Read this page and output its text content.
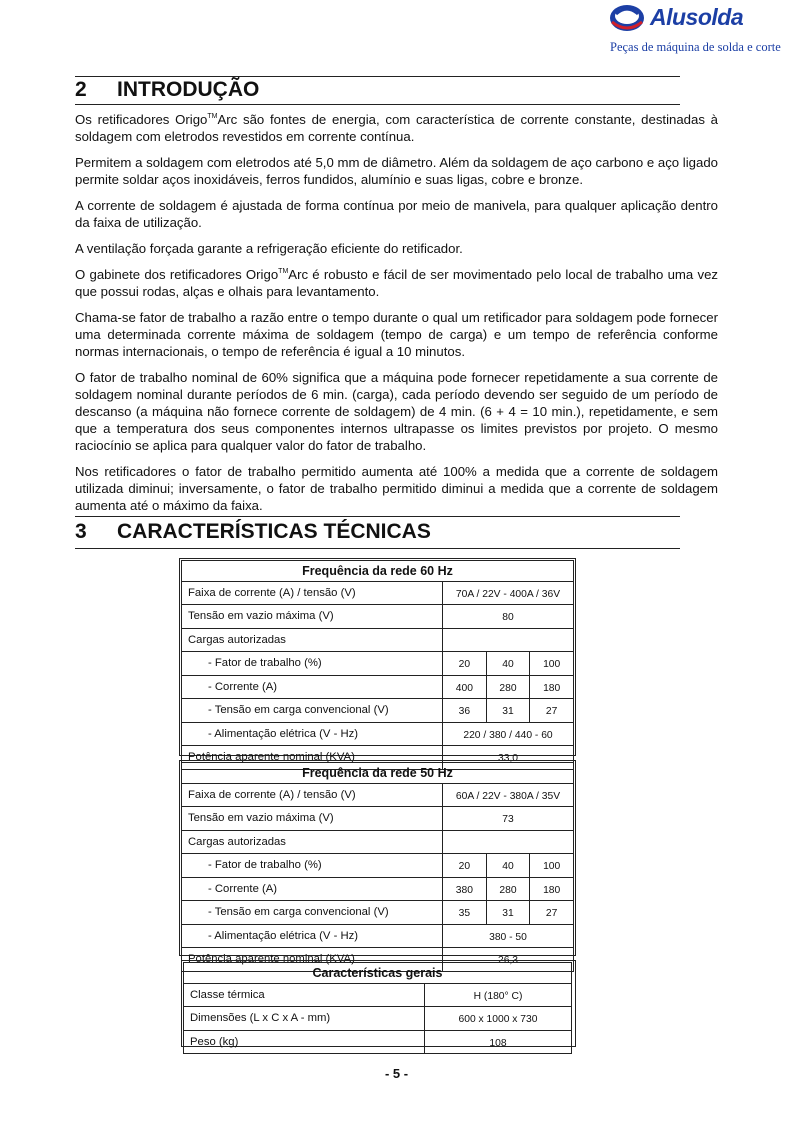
Alusolda
Peças de máquina de solda e corte
2 INTRODUÇÃO

Os retificadores Origo™Arc são fontes de energia, com característica de corrente constante, destinadas à soldagem com eletrodos revestidos em corrente contínua.

Permitem a soldagem com eletrodos até 5,0 mm de diâmetro. Além da soldagem de aço carbono e aço ligado permite soldar aços inoxidáveis, ferros fundidos, alumínio e suas ligas, cobre e bronze.

A corrente de soldagem é ajustada de forma contínua por meio de manivela, para qualquer aplicação dentro da faixa de utilização.

A ventilação forçada garante a refrigeração eficiente do retificador.

O gabinete dos retificadores Origo™Arc é robusto e fácil de ser movimentado pelo local de trabalho uma vez que possui rodas, alças e olhais para levantamento.

Chama-se fator de trabalho a razão entre o tempo durante o qual um retificador para soldagem pode fornecer uma determinada corrente máxima de soldagem (tempo de carga) e um tempo de referência conforme normas internacionais, o tempo de referência é igual a 10 minutos.

O fator de trabalho nominal de 60% significa que a máquina pode fornecer repetidamente a sua corrente de soldagem nominal durante períodos de 6 min. (carga), cada período devendo ser seguido de um período de descanso (a máquina não fornece corrente de soldagem) de 4 min. (6 + 4 = 10 min.), repetidamente, e sem que a temperatura dos seus componentes internos ultrapasse os limites previstos por projeto. O mesmo raciocínio se aplica para qualquer valor do fator de trabalho.

Nos retificadores o fator de trabalho permitido aumenta até 100% a medida que a corrente de soldagem utilizada diminui; inversamente, o fator de trabalho permitido diminui a medida que a corrente de soldagem aumenta até o máximo da faixa.

3 CARACTERÍSTICAS TÉCNICAS
Frequência da rede 60 Hz			
Faixa de corrente (A) / tensão (V)	70A / 22V - 400A / 36V		
Tensão em vazio máxima (V)	80		
Cargas autorizadas			
- Fator de trabalho (%)	20	40	100
- Corrente (A)	400	280	180
- Tensão em carga convencional (V)	36	31	27
- Alimentação elétrica (V - Hz)	220 / 380 / 440 - 60		
Potência aparente nominal (KVA)	33,0		
Frequência da rede 50 Hz			
Faixa de corrente (A) / tensão (V)	60A / 22V - 380A / 35V		
Tensão em vazio máxima (V)	73		
Cargas autorizadas			
- Fator de trabalho (%)	20	40	100
- Corrente (A)	380	280	180
- Tensão em carga convencional (V)	35	31	27
- Alimentação elétrica (V - Hz)	380 - 50		
Potência aparente nominal (KVA)	26,3		
Características gerais	
Classe térmica	H (180° C)
Dimensões (L x C x A - mm)	600 x 1000 x 730
Peso (kg)	108
- 5 -
